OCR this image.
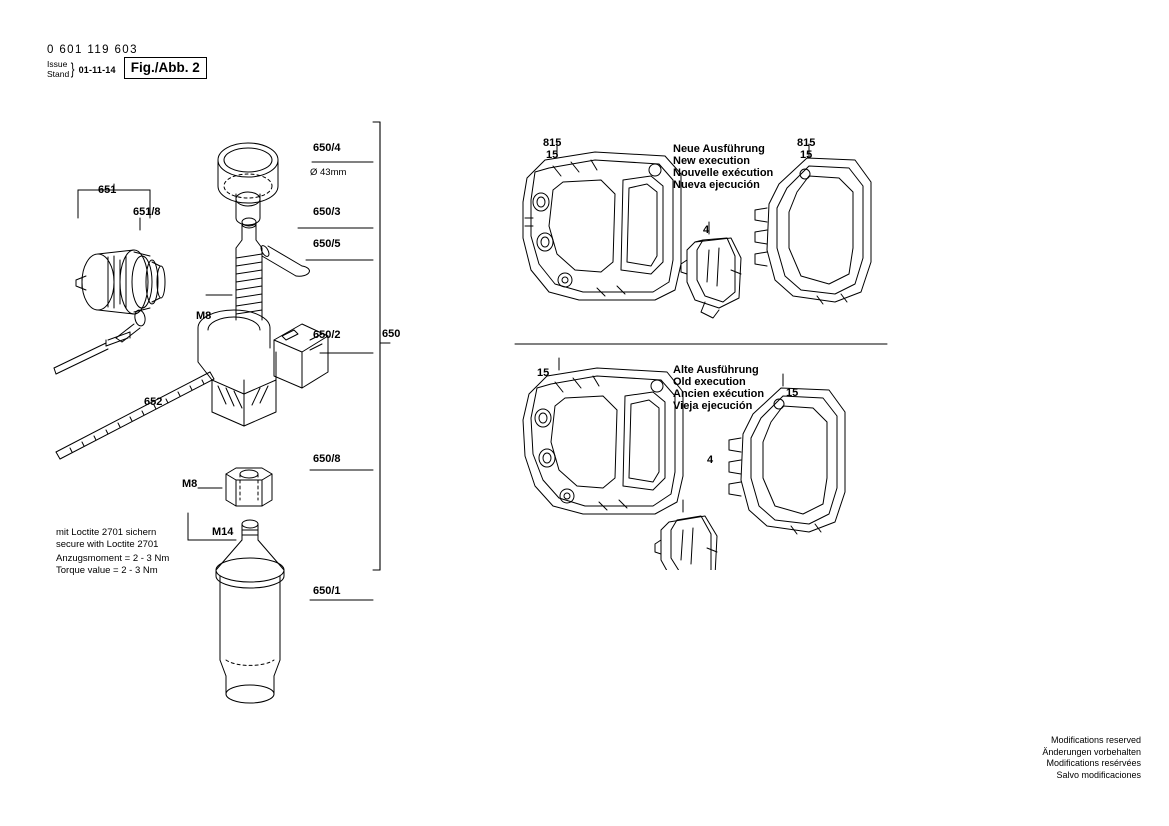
0 601 119 603
Issue
Stand } 01-11-14	Fig./Abb. 2
651
651/8
652
650
650/1
650/2
650/3
650/4
650/5
650/8
Ø 43mm
M8
M8
M14
mit Loctite 2701 sichern
secure with Loctite 2701
Anzugsmoment = 2 - 3 Nm
Torque value = 2 - 3 Nm
815
15
815
15
4
Neue Ausführung
New execution
Nouvelle exécution
Nueva ejecución
15
15
4
Alte Ausführung
Old execution
Ancien exécution
Vieja ejecución
Modifications reserved
Änderungen vorbehalten
Modifications resérvées
Salvo modificaciones
